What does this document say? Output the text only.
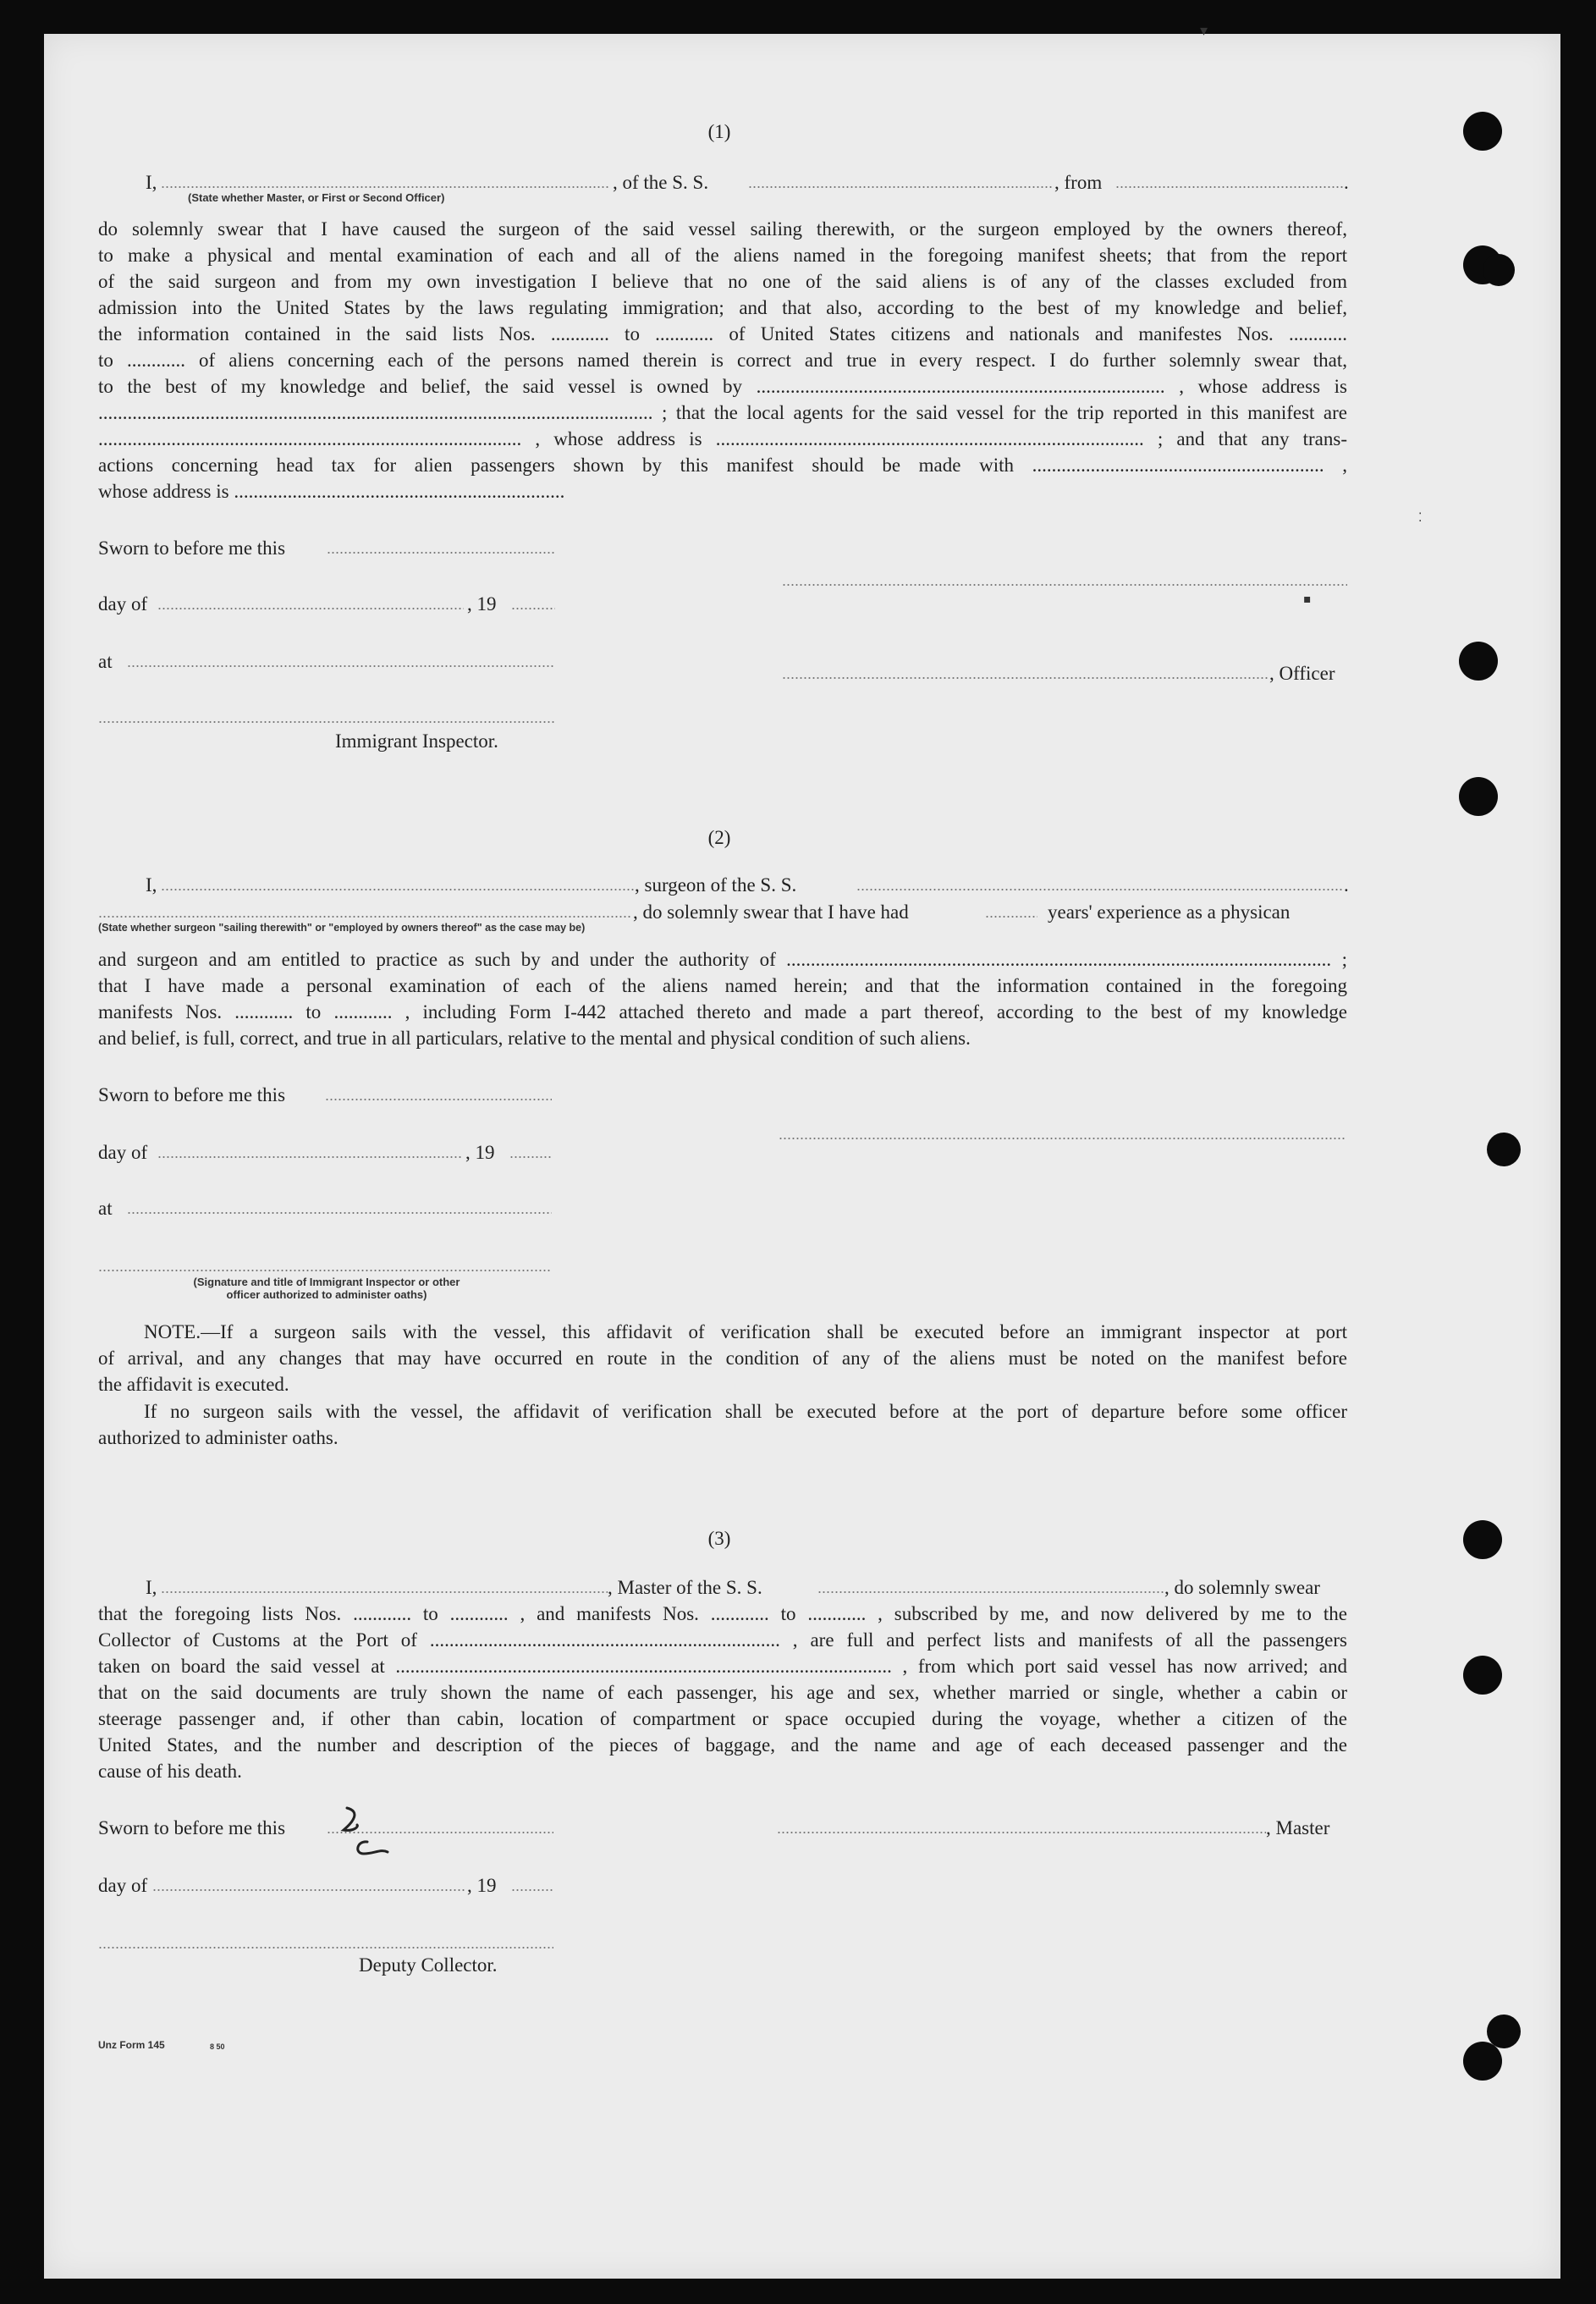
(1)
I,	, of the S. S.	, from	.
(State whether Master, or First or Second Officer)
do solemnly swear that I have caused the surgeon of the said vessel sailing therewith, or the surgeon employed by the owners thereof,
to make a physical and mental examination of each and all of the aliens named in the foregoing manifest sheets; that from the report
of the said surgeon and from my own investigation I believe that no one of the said aliens is of any of the classes excluded from
admission into the United States by the laws regulating immigration; and that also, according to the best of my knowledge and belief,
the information contained in the said lists Nos. ............ to ............ of United States citizens and nationals and manifestes Nos. ............
to ............ of aliens concerning each of the persons named therein is correct and true in every respect. I do further solemnly swear that,
to the best of my knowledge and belief, the said vessel is owned by .................................................................................... , whose address is
.................................................................................................................. ; that the local agents for the said vessel for the trip reported in this manifest are
....................................................................................... , whose address is ........................................................................................ ; and that any trans-
actions concerning head tax for alien passengers shown by this manifest should be made with ............................................................ ,
whose address is ....................................................................
Sworn to before me this
day of	, 19
at
Immigrant Inspector.
, Officer
(2)
I,	, surgeon of the S. S.	.
, do solemnly swear that I have had	years' experience as a physican
(State whether surgeon "sailing therewith" or "employed by owners thereof" as the case may be)
and surgeon and am entitled to practice as such by and under the authority of ................................................................................................................ ;
that I have made a personal examination of each of the aliens named herein; and that the information contained in the foregoing
manifests Nos. ............ to ............ , including Form I-442 attached thereto and made a part thereof, according to the best of my knowledge
and belief, is full, correct, and true in all particulars, relative to the mental and physical condition of such aliens.
Sworn to before me this
day of	, 19
at
(Signature and title of Immigrant Inspector or other
officer authorized to administer oaths)
NOTE.—If a surgeon sails with the vessel, this affidavit of verification shall be executed before an immigrant inspector at port
of arrival, and any changes that may have occurred en route in the condition of any of the aliens must be noted on the manifest before
the affidavit is executed.
If no surgeon sails with the vessel, the affidavit of verification shall be executed before at the port of departure before some officer
authorized to administer oaths.
(3)
I,	, Master of the S. S.	, do solemnly swear
that the foregoing lists Nos. ............ to ............ , and manifests Nos. ............ to ............ , subscribed by me, and now delivered by me to the
Collector of Customs at the Port of ........................................................................ , are full and perfect lists and manifests of all the passengers
taken on board the said vessel at ...................................................................................................... , from which port said vessel has now arrived; and
that on the said documents are truly shown the name of each passenger, his age and sex, whether married or single, whether a cabin or
steerage passenger and, if other than cabin, location of compartment or space occupied during the voyage, whether a citizen of the
United States, and the number and description of the pieces of baggage, and the name and age of each deceased passenger and the
cause of his death.
Sworn to before me this	, Master
day of	, 19
Deputy Collector.
Unz Form 145	8 50
▾
▪
⁚
